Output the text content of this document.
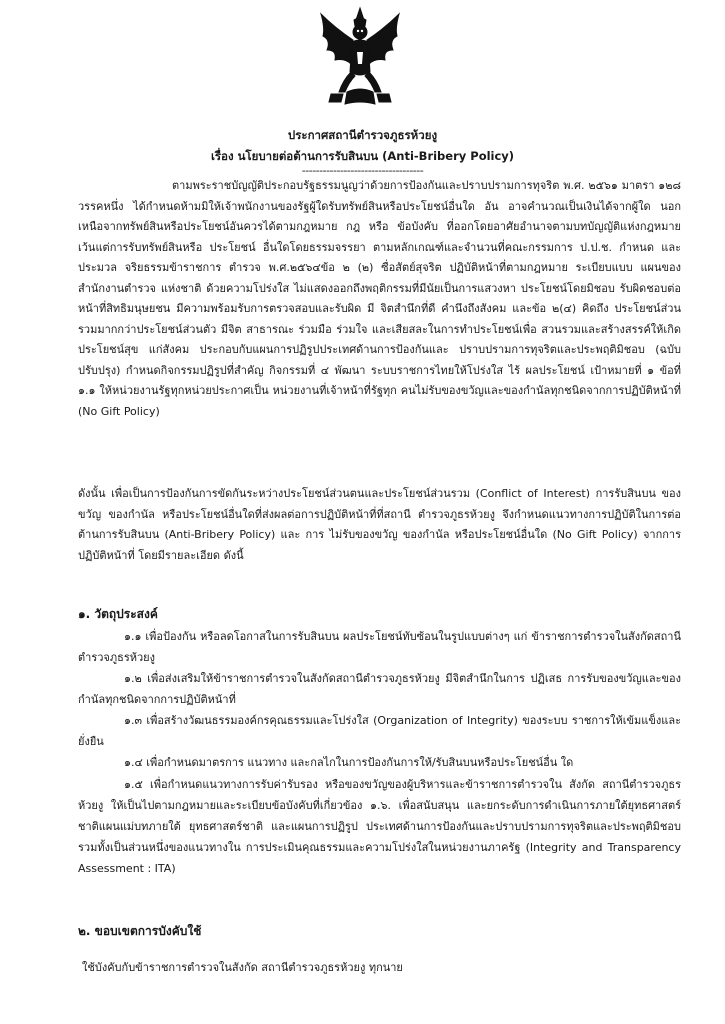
ประกาศสถานีตำรวจภูธรห้วยงู
เรื่อง นโยบายต่อต้านการรับสินบน (Anti-Bribery Policy)
-----------------------------------
ตามพระราชบัญญัติประกอบรัฐธรรมนูญว่าด้วยการป้องกันและปราบปรามการทุจริต พ.ศ. ๒๕๖๑ มาตรา ๑๒๘ วรรคหนึ่ง ได้กำหนดห้ามมิให้เจ้าพนักงานของรัฐผู้ใดรับทรัพย์สินหรือประโยชน์อื่นใด อัน อาจคำนวณเป็นเงินได้จากผู้ใด นอกเหนือจากทรัพย์สินหรือประโยชน์อันควรได้ตามกฎหมาย กฎ หรือ ข้อบังคับ ที่ออกโดยอาศัยอำนาจตามบทบัญญัติแห่งกฎหมาย เว้นแต่การรับทรัพย์สินหรือ ประโยชน์ อื่นใดโดยธรรมจรรยา ตามหลักเกณฑ์และจำนวนที่คณะกรรมการ ป.ป.ช. กำหนด และ ประมวล จริยธรรมข้าราชการ ตำรวจ พ.ศ.๒๕๖๔ข้อ ๒ (๒) ซื่อสัตย์สุจริต ปฏิบัติหน้าที่ตามกฎหมาย ระเบียบแบบ แผนของสำนักงานตำรวจ แห่งชาติ ด้วยความโปร่งใส ไม่แสดงออกถึงพฤติกรรมที่มีนัยเป็นการแสวงหา ประโยชน์โดยมิชอบ รับผิดชอบต่อ หน้าที่สิทธิมนุษยชน มีความพร้อมรับการตรวจสอบและรับผิด มี จิตสำนึกที่ดี คำนึงถึงสังคม และข้อ ๒(๔) คิดถึง ประโยชน์ส่วนรวมมากกว่าประโยชน์ส่วนตัว มีจิต สาธารณะ ร่วมมือ ร่วมใจ และเสียสละในการทำประโยชน์เพื่อ สวนรวมและสร้างสรรค์ให้เกิดประโยชน์สุข แก่สังคม ประกอบกับแผนการปฏิรูปประเทศด้านการป้องกันและ ปราบปรามการทุจริตและประพฤติมิชอบ (ฉบับปรับปรุง) กำหนดกิจกรรมปฏิรูปที่สำคัญ กิจกรรมที่ ๔ พัฒนา ระบบราชการไทยให้โปร่งใส ไร้ ผลประโยชน์ เป้าหมายที่ ๑ ข้อที่ ๑.๑ ให้หน่วยงานรัฐทุกหน่วยประกาศเป็น หน่วยงานที่เจ้าหน้าที่รัฐทุก คนไม่รับของขวัญและของกำนัลทุกชนิดจากการปฏิบัติหน้าที่ (No Gift Policy)
ดังนั้น เพื่อเป็นการป้องกันการขัดกันระหว่างประโยชน์ส่วนตนและประโยชน์ส่วนรวม (Conflict of Interest) การรับสินบน ของขวัญ ของกำนัล หรือประโยชน์อื่นใดที่ส่งผลต่อการปฏิบัติหน้าที่ที่สถานี ตำรวจภูธรห้วยงู จึงกำหนดแนวทางการปฏิบัติในการต่อต้านการรับสินบน (Anti-Bribery Policy) และ การ ไม่รับของขวัญ ของกำนัล หรือประโยชน์อื่นใด (No Gift Policy) จากการปฏิบัติหน้าที่ โดยมีรายละเอียด ดังนี้
๑. วัตถุประสงค์
๑.๑ เพื่อป้องกัน หรือลดโอกาสในการรับสินบน ผลประโยชน์ทับซ้อนในรูปแบบต่างๆ แก่ ข้าราชการตำรวจในสังกัดสถานีตำรวจภูธรห้วยงู
๑.๒ เพื่อส่งเสริมให้ข้าราชการตำรวจในสังกัดสถานีตำรวจภูธรห้วยงู มีจิตสำนึกในการ ปฏิเสธ การรับของขวัญและของกำนัลทุกชนิดจากการปฏิบัติหน้าที่
๑.๓ เพื่อสร้างวัฒนธรรมองค์กรคุณธรรมและโปร่งใส (Organization of Integrity) ของระบบ ราชการให้เข้มแข็งและยั่งยืน
๑.๔ เพื่อกำหนดมาตรการ แนวทาง และกลไกในการป้องกันการให้/รับสินบนหรือประโยชน์อื่น ใด
๑.๕ เพื่อกำหนดแนวทางการรับค่ารับรอง หรือของขวัญของผู้บริหารและข้าราชการตำรวจใน สังกัด สถานีตำรวจภูธรห้วยงู ให้เป็นไปตามกฎหมายและระเบียบข้อบังคับที่เกี่ยวข้อง ๑.๖. เพื่อสนับสนุน และยกระดับการดำเนินการภายใต้ยุทธศาสตร์ชาติแผนแม่บทภายใต้ ยุทธศาสตร์ชาติ และแผนการปฏิรูป ประเทศด้านการป้องกันและปราบปรามการทุจริตและประพฤติมิชอบ รวมทั้งเป็นส่วนหนึ่งของแนวทางใน การประเมินคุณธรรมและความโปร่งใสในหน่วยงานภาครัฐ (Integrity and Transparency Assessment : ITA)
๒. ขอบเขตการบังคับใช้
ใช้บังคับกับข้าราชการตำรวจในสังกัด สถานีตำรวจภูธรห้วยงู ทุกนาย
